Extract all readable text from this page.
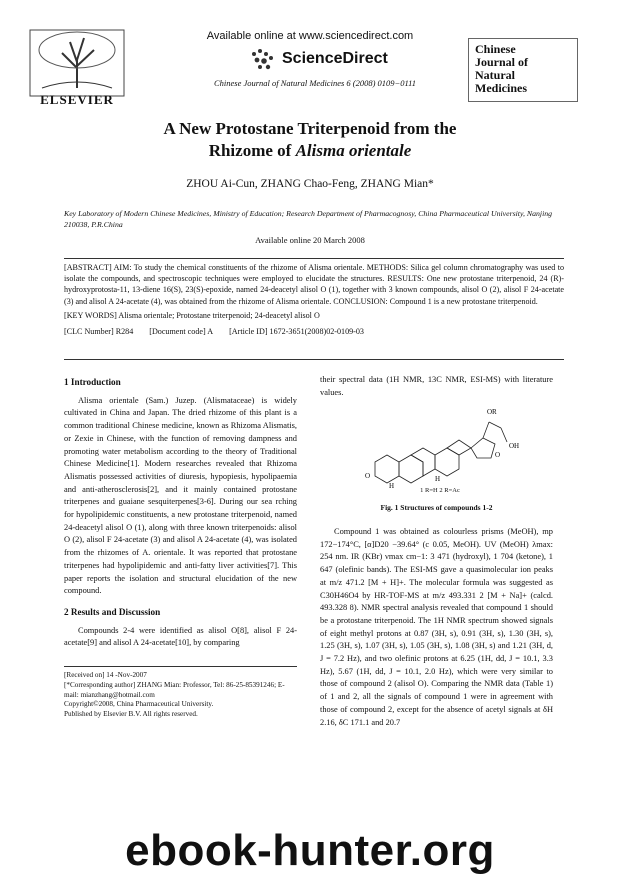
ELSEVIER
Available online at www.sciencedirect.com
ScienceDirect
Chinese Journal of Natural Medicines 6 (2008) 0109−0111
Chinese
Journal of
Natural
Medicines
A New Protostane Triterpenoid from the
Rhizome of Alisma orientale
ZHOU Ai-Cun, ZHANG Chao-Feng, ZHANG Mian*
Key Laboratory of Modern Chinese Medicines, Ministry of Education; Research Department of Pharmacognosy, China Pharmaceutical University, Nanjing 210038, P.R.China
Available online 20 March 2008

[ABSTRACT] AIM: To study the chemical constituents of the rhizome of Alisma orientale. METHODS: Silica gel column chromatography was used to isolate the compounds, and spectroscopic techniques were employed to elucidate the structures. RESULTS: One new protostane triterpenoid, 24 (R)-hydroxyprotosta-11, 13-diene 16(S), 23(S)-epoxide, named 24-deacetyl alisol O (1), together with 3 known compounds, alisol O (2), alisol F 24-acetate (3) and alisol A 24-acetate (4), was obtained from the rhizome of Alisma orientale. CONCLUSION: Compound 1 is a new protostane triterpenoid.

[KEY WORDS] Alisma orientale; Protostane triterpenoid; 24-deacetyl alisol O

[CLC Number] R284 [Document code] A [Article ID] 1672-3651(2008)02-0109-03
1 Introduction

Alisma orientale (Sam.) Juzep. (Alismataceae) is widely cultivated in China and Japan. The dried rhizome of this plant is a common traditional Chinese medicine, known as Rhizoma Alismatis, or Zexie in Chinese, with the function of removing dampness and promoting water metabolism according to the theory of Traditional Chinese Medicine[1]. Modern researches revealed that Rhizoma Alismatis possessed activities of diuresis, hypopiesis, hypolipaemia and anti-atherosclerosis[2], and it mainly contained protostane triterpenes and guaiane sesquiterpenes[3-6]. During our sea rching for hypolipidemic constituents, a new protostane triterpenoid, named 24-deacetyl alisol O (1), along with three known triterpenoids: alisol O (2), alisol F 24-acetate (3) and alisol A 24-acetate (4), was isolated from the rhizomes of A. orientale. It was reported that protostane triterpenes had hypolipidemic and anti-fatty liver activities[7]. This paper reports the isolation and structural elucidation of the new compound.

2 Results and Discussion

Compounds 2-4 were identified as alisol O[8], alisol F 24-acetate[9] and alisol A 24-acetate[10], by comparing

their spectral data (1H NMR, 13C NMR, ESI-MS) with literature values.

OR
O
OH
O
H
H
1 R=H 2 R=Ac
Fig. 1 Structures of compounds 1-2

Compound 1 was obtained as colourless prisms (MeOH), mp 172−174°C, [α]D20 −39.64° (c 0.05, MeOH). UV (MeOH) λmax: 254 nm. IR (KBr) νmax cm−1: 3 471 (hydroxyl), 1 704 (ketone), 1 647 (olefinic bands). The ESI-MS gave a quasimolecular ion peaks at m/z 471.2 [M + H]+. The molecular formula was suggested as C30H46O4 by HR-TOF-MS at m/z 493.331 2 [M + Na]+ (calcd. 493.328 8). NMR spectral analysis revealed that compound 1 should be a protostane triterpenoid. The 1H NMR spectrum showed signals of eight methyl protons at 0.87 (3H, s), 0.91 (3H, s), 1.30 (3H, s), 1.25 (3H, s), 1.07 (3H, s), 1.05 (3H, s), 1.08 (3H, s) and 1.21 (3H, d, J = 7.2 Hz), and two olefinic protons at 6.25 (1H, dd, J = 10.1, 3.3 Hz), 5.67 (1H, dd, J = 10.1, 2.0 Hz), which were very similar to those of compound 2 (alisol O). Comparing the NMR data (Table 1) of 1 and 2, all the signals of compound 1 were in agreement with those of compound 2, except for the absence of acetyl signals at δH 2.16, δC 171.1 and 20.7

[Received on] 14 -Nov-2007
[*Corresponding author] ZHANG Mian: Professor, Tel: 86-25-85391246; E-mail: mianzhang@hotmail.com
Copyright©2008, China Pharmaceutical University.
Published by Elsevier B.V. All rights reserved.
ebook-hunter.org
